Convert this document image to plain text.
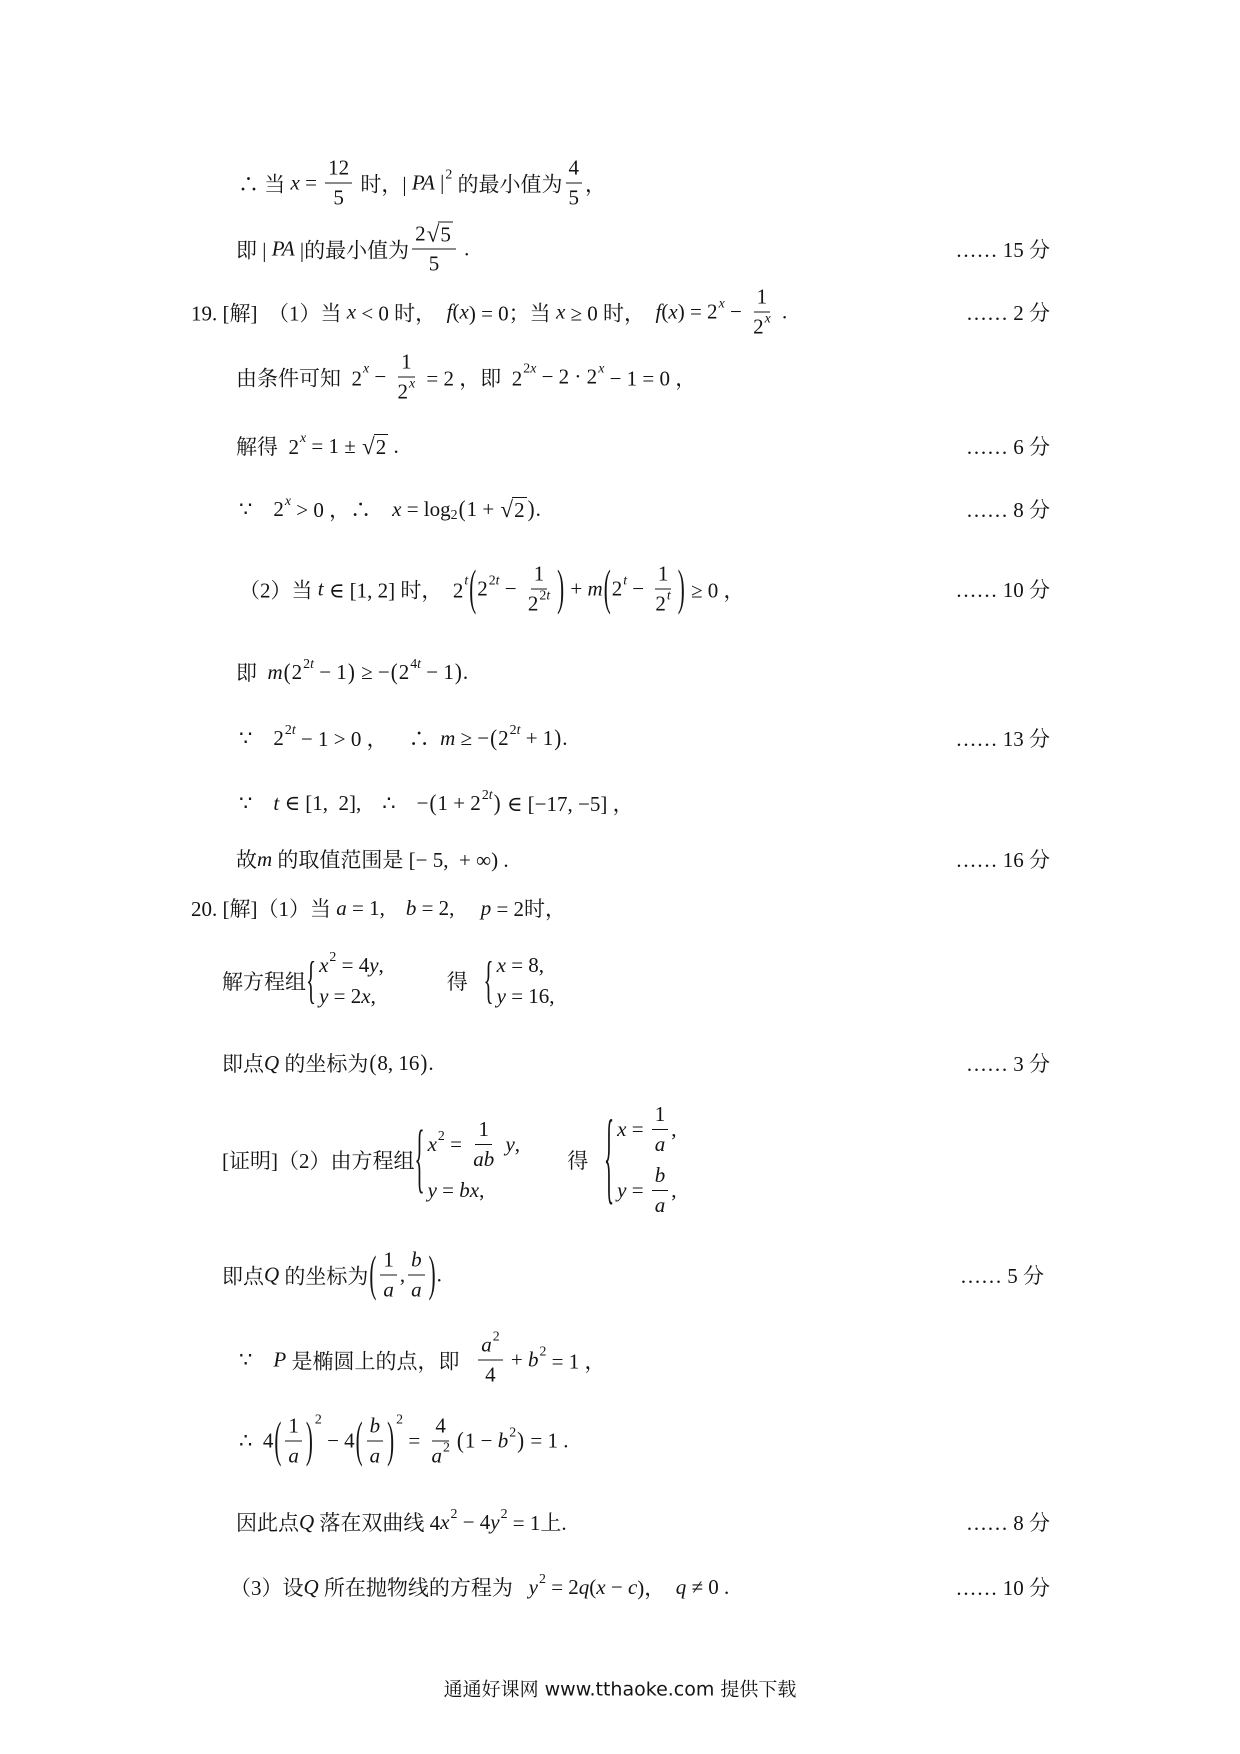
∴ 当 $x = \frac{12}{5}$ 时，| PA | 2 的最小值为 $\frac{4}{5}$ ，
即 | PA |的最小值为 $\frac{2 √ 5}{5}$ .
19. [解]  （1）当 x < 0 时， f ( x ) = 0；当 x ≥ 0 时， f ( x ) = 2 $x - \frac{1}{2 x}$ .
由条件可知  2 $x - \frac{1}{2 x} = 2$ ，即  2 2x − 2 · 2 x − 1 = 0 ，
解得  2 x = 1 ± √ 2 .
∵    2 x > 0 ，∴ x = log 2 ( 1 + √ 2 ) .
（2）当 t ∈ [1, 2] 时，  2 t ( 2 $2t - \frac{1}{2 2t}$ ) + m ( 2 $t - \frac{1}{2 t}$ ) ≥ 0 ，
即 m ( 2 2t − 1 ) ≥ − ( 2 4t − 1 ) .
∵    2 2t − 1 > 0 ，    ∴ m ≥ − ( 2 2t + 1 ) .
∵ t ∈ [1,  2],    ∴    − ( 1 + 2 2t ) ∈ [−17, −5] ，
故 m 的取值范围是 [− 5,  + ∞) .
20. [解]（1）当 a = 1, b = 2, p = 2时，
解方程组 { x 2 = 4 y ,
y = 2 x ,
得 { x = 8,
y = 16,
即点 Q 的坐标为 ( 8, 16 ) .
[证明]（2）由方程组 { x $2 = \frac{1}{ab}$
y ,
y = bx ,
得 { $x = \frac{1}{a}$ ,
$y = \frac{b}{a}$ ,
即点 Q 的坐标为 ( $\frac{1}{a}$ , $\frac{b}{a}$ ) .
∵ P 是椭圆上的点，即 $\frac{a 2}{4} + b$ 2 = 1 ，
∴  4 ( $\frac{1}{a}$ ) 2
− 4 ( $\frac{b}{a}$ ) 2
= $\frac{4}{a 2}$ ( 1 − b 2 ) = 1 .
因此点 Q 落在双曲线 4 x 2 − 4 y 2 = 1上.
（3）设 Q 所在抛物线的方程为 y 2 = 2 q ( x − c )， q ≠ 0 .
…… 15 分
…… 2 分
…… 6 分
…… 8 分
…… 10 分
…… 13 分
…… 16 分
…… 3 分
…… 5 分
…… 8 分
…… 10 分
通通好课网 www.tthaoke.com 提供下载
